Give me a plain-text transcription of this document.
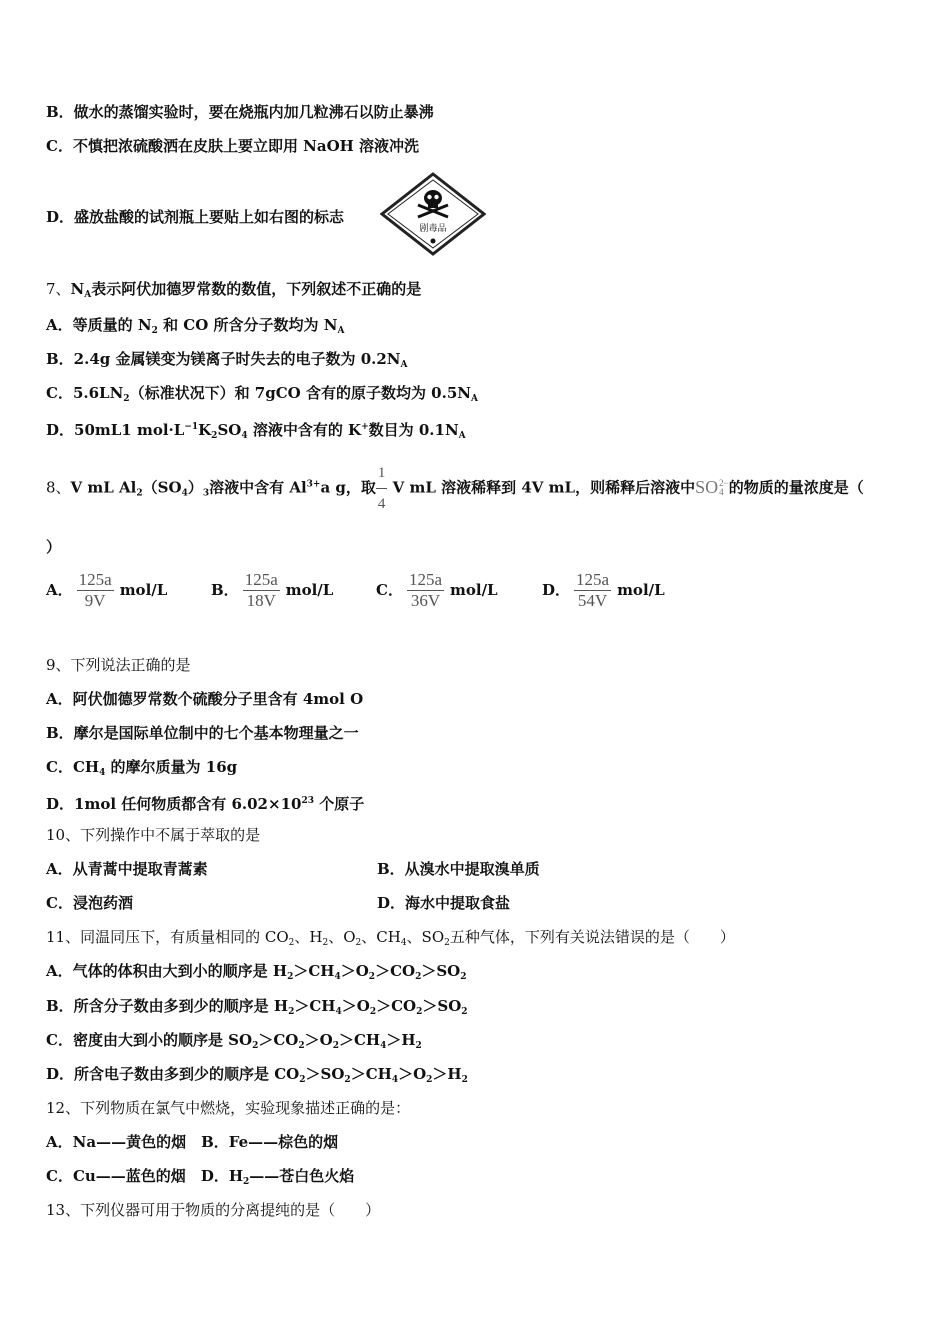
B．做水的蒸馏实验时，要在烧瓶内加几粒沸石以防止暴沸
C．不慎把浓硫酸洒在皮肤上要立即用 NaOH 溶液冲洗
D．盛放盐酸的试剂瓶上要贴上如右图的标志
剧毒品
7、$N_A$表示阿伏加德罗常数的数值，下列叙述不正确的是
A．等质量的 $N_2$ 和 CO 所含分子数均为 $N_A$
B．2.4g 金属镁变为镁离子时失去的电子数为 $0.2N_A$
C．$5.6LN_2$（标准状况下）和 7gCO 含有的原子数均为 $0.5N_A$
D．50mL1 $mol\cdot L^{-1}K_2SO_4$ 溶液中含有的 K+数目为 $0.1N_A$
8、V mL $Al_2(SO_4)_3$溶液中含有 $Al^{3+}a$ g，取 $\frac{1}{4}$ V mL 溶液稀释到 4V mL，则稀释后溶液中SO2−
4 的物质的量浓度是（
）
A． $\frac{125a}{9V} mol/L$	B． $\frac{125a}{18V} mol/L$	C． $\frac{125a}{36V} mol/L$	D． $\frac{125a}{54V} mol/L$
9、下列说法正确的是
A．阿伏伽德罗常数个硫酸分子里含有 4mol O
B．摩尔是国际单位制中的七个基本物理量之一
C．$CH_4$ 的摩尔质量为 16g
D．1mol 任何物质都含有 $6.02\times 10^{23}$ 个原子
10、下列操作中不属于萃取的是
A．从青蒿中提取青蒿素	B．从溴水中提取溴单质
C．浸泡药酒	D．海水中提取食盐
11、同温同压下，有质量相同的 $CO_2$、$H_2$、$O_2$、$CH_4$、$SO_2$五种气体，下列有关说法错误的是（　　）
A．气体的体积由大到小的顺序是 $H_2>CH_4>O_2>CO_2>SO_2$
B．所含分子数由多到少的顺序是 $H_2>CH_4>O_2>CO_2>SO_2$
C．密度由大到小的顺序是 $SO_2>CO_2>O_2>CH_4>H_2$
D．所含电子数由多到少的顺序是 $CO_2>SO_2>CH_4>O_2>H_2$
12、下列物质在氯气中燃烧，实验现象描述正确的是：
A．Na——黄色的烟　B．Fe——棕色的烟
C．Cu——蓝色的烟　 D．$H_2——$苍白色火焰
13、下列仪器可用于物质的分离提纯的是（　　）
